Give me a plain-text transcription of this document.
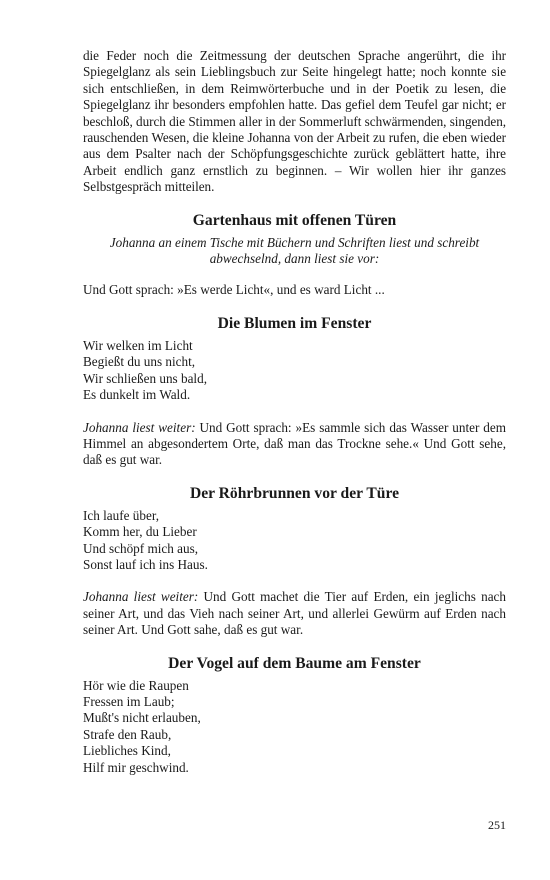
die Feder noch die Zeitmessung der deutschen Sprache angerührt, die ihr Spiegelglanz als sein Lieblingsbuch zur Seite hingelegt hatte; noch konnte sie sich entschließen, in dem Reimwörterbuche und in der Poetik zu lesen, die Spiegelglanz ihr besonders empfohlen hatte. Das gefiel dem Teufel gar nicht; er beschloß, durch die Stimmen aller in der Sommerluft schwärmenden, singenden, rauschenden Wesen, die kleine Johanna von der Arbeit zu rufen, die eben wieder aus dem Psalter nach der Schöpfungsgeschichte zurück geblättert hatte, ihre Arbeit endlich ganz ernstlich zu beginnen. – Wir wollen hier ihr ganzes Selbstgespräch mitteilen.

Gartenhaus mit offenen Türen

Johanna an einem Tische mit Büchern und Schriften liest und schreibt abwechselnd, dann liest sie vor:

Und Gott sprach: »Es werde Licht«, und es ward Licht ...

Die Blumen im Fenster
Wir welken im Licht
Begießt du uns nicht,
Wir schließen uns bald,
Es dunkelt im Wald.

Johanna liest weiter: Und Gott sprach: »Es sammle sich das Wasser unter dem Himmel an abgesondertem Orte, daß man das Trockne sehe.« Und Gott sehe, daß es gut war.

Der Röhrbrunnen vor der Türe
Ich laufe über,
Komm her, du Lieber
Und schöpf mich aus,
Sonst lauf ich ins Haus.

Johanna liest weiter: Und Gott machet die Tier auf Erden, ein jeglichs nach seiner Art, und das Vieh nach seiner Art, und allerlei Gewürm auf Erden nach seiner Art. Und Gott sahe, daß es gut war.

Der Vogel auf dem Baume am Fenster
Hör wie die Raupen
Fressen im Laub;
Mußt's nicht erlauben,
Strafe den Raub,
Liebliches Kind,
Hilf mir geschwind.
251
